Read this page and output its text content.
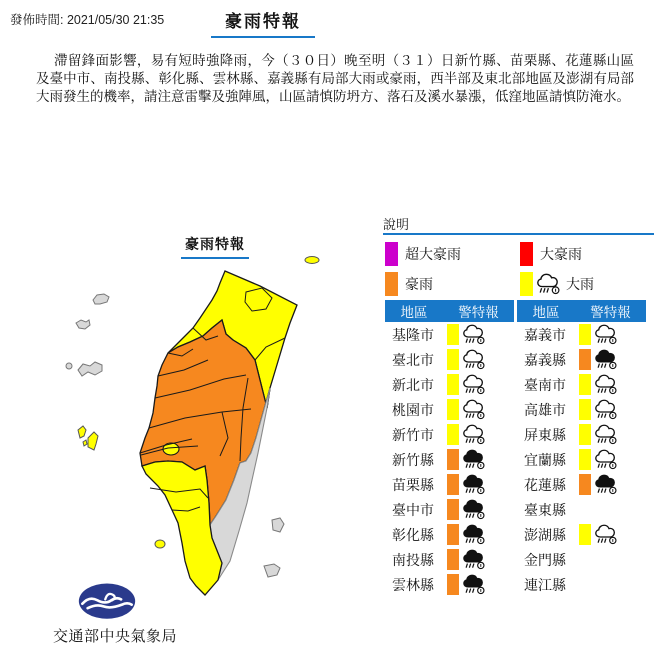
發佈時間: 2021/05/30 21:35	豪雨特報
滯留鋒面影響，易有短時強降雨，今（３０日）晚至明（３１）日新竹縣、苗栗縣、花蓮縣山區及臺中市、南投縣、彰化縣、雲林縣、嘉義縣有局部大雨或豪雨，西半部及東北部地區及澎湖有局部大雨發生的機率，請注意雷擊及強陣風，山區請慎防坍方、落石及溪水暴漲，低窪地區請慎防淹水。
豪雨特報
交通部中央氣象局
說明
超大豪雨	大豪雨
豪雨	大雨
地區	警特報
基隆市
臺北市
新北市
桃園市
新竹市
新竹縣
苗栗縣
臺中市
彰化縣
南投縣
雲林縣
地區	警特報
嘉義市
嘉義縣
臺南市
高雄市
屏東縣
宜蘭縣
花蓮縣
臺東縣
澎湖縣
金門縣
連江縣
